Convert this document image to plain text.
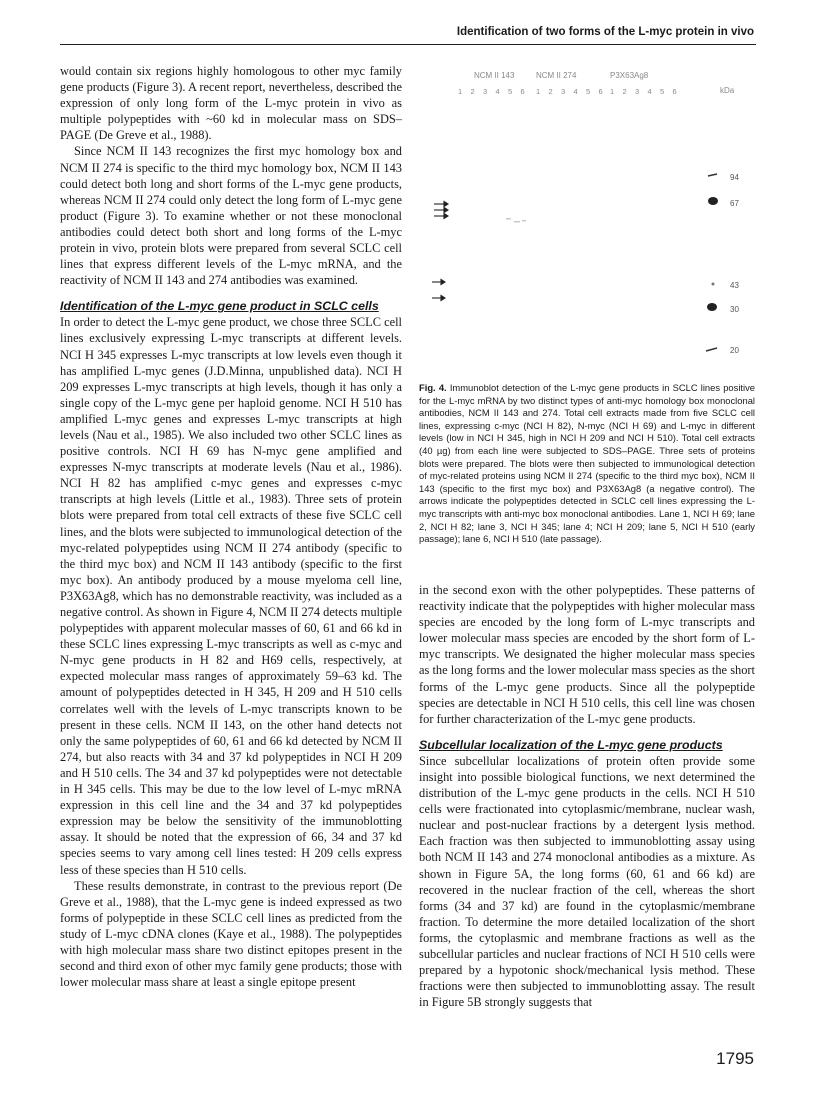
Identification of two forms of the L-myc protein in vivo

would contain six regions highly homologous to other myc family gene products (Figure 3). A recent report, nevertheless, described the expression of only long form of the L-myc protein in vivo as multiple polypeptides with ~60 kd in molecular mass on SDS–PAGE (De Greve et al., 1988).

Since NCM II 143 recognizes the first myc homology box and NCM II 274 is specific to the third myc homology box, NCM II 143 could detect both long and short forms of the L-myc gene products, whereas NCM II 274 could only detect the long form of L-myc gene product (Figure 3). To examine whether or not these monoclonal antibodies could detect both short and long forms of the L-myc protein in vivo, protein blots were prepared from several SCLC cell lines that express different levels of the L-myc mRNA, and the reactivity of NCM II 143 and 274 antibodies was examined.

Identification of the L-myc gene product in SCLC cells

In order to detect the L-myc gene product, we chose three SCLC cell lines exclusively expressing L-myc transcripts at different levels. NCI H 345 expresses L-myc transcripts at low levels even though it has amplified L-myc genes (J.D.Minna, unpublished data). NCI H 209 expresses L-myc transcripts at high levels, though it has only a single copy of the L-myc gene per haploid genome. NCI H 510 has amplified L-myc genes and expresses L-myc transcripts at high levels (Nau et al., 1985). We also included two other SCLC lines as positive controls. NCI H 69 has N-myc gene amplified and expresses N-myc transcripts at moderate levels (Nau et al., 1986). NCI H 82 has amplified c-myc genes and expresses c-myc transcripts at high levels (Little et al., 1983). Three sets of protein blots were prepared from total cell extracts of these five SCLC cell lines, and the blots were subjected to immunological detection of the myc-related polypeptides using NCM II 274 antibody (specific to the third myc box) and NCM II 143 antibody (specific to the first myc box). An antibody produced by a mouse myeloma cell line, P3X63Ag8, which has no demonstrable reactivity, was included as a negative control. As shown in Figure 4, NCM II 274 detects multiple polypeptides with apparent molecular masses of 60, 61 and 66 kd in these SCLC lines expressing L-myc transcripts as well as c-myc and N-myc gene products in H 82 and H69 cells, respectively, at expected molecular mass ranges of approximately 59–63 kd. The amount of polypeptides detected in H 345, H 209 and H 510 cells correlates well with the levels of L-myc transcripts known to be present in these cells. NCM II 143, on the other hand detects not only the same polypeptides of 60, 61 and 66 kd detected by NCM II 274, but also reacts with 34 and 37 kd polypeptides in NCI H 209 and H 510 cells. The 34 and 37 kd polypeptides were not detectable in H 345 cells. This may be due to the low level of L-myc mRNA expression in this cell line and the 34 and 37 kd polypeptides expression may be below the sensitivity of the immunoblotting assay. It should be noted that the expression of 66, 34 and 37 kd species seems to vary among cell lines tested: H 209 cells express less of these species than H 510 cells.

These results demonstrate, in contrast to the previous report (De Greve et al., 1988), that the L-myc gene is indeed expressed as two forms of polypeptide in these SCLC cell lines as predicted from the study of L-myc cDNA clones (Kaye et al., 1988). The polypeptides with high molecular mass share two distinct epitopes present in the second and third exon of other myc family gene products; those with lower molecular mass share at least a single epitope present

NCM II 143	NCM II 274	P3X63Ag8
1 2 3 4 5 6 1 2 3 4 5 6 1 2 3 4 5 6	kDa
94
67
43
30
20
Fig. 4. Immunoblot detection of the L-myc gene products in SCLC lines positive for the L-myc mRNA by two distinct types of anti-myc homology box monoclonal antibodies, NCM II 143 and 274. Total cell extracts made from five SCLC cell lines, expressing c-myc (NCI H 82), N-myc (NCI H 69) and L-myc in different levels (low in NCI H 345, high in NCI H 209 and NCI H 510). Total cell extracts (40 µg) from each line were subjected to SDS–PAGE. Three sets of proteins blots were prepared. The blots were then subjected to immunological detection of myc-related proteins using NCM II 274 (specific to the third myc box), NCM II 143 (specific to the first myc box) and P3X63Ag8 (a negative control). The arrows indicate the polypeptides detected in SCLC cell lines expressing the L-myc transcripts with anti-myc box monoclonal antibodies. Lane 1, NCI H 69; lane 2, NCI H 82; lane 3, NCI H 345; lane 4; NCI H 209; lane 5, NCI H 510 (early passage); lane 6, NCI H 510 (late passage).

in the second exon with the other polypeptides. These patterns of reactivity indicate that the polypeptides with higher molecular mass species are encoded by the long form of L-myc transcripts and lower molecular mass species are encoded by the short form of L-myc transcripts. We designated the higher molecular mass species as the long forms and the lower molecular mass species as the short forms of the L-myc gene products. Since all the polypeptide species are detectable in NCI H 510 cells, this cell line was chosen for further characterization of the L-myc gene products.

Subcellular localization of the L-myc gene products

Since subcellular localizations of protein often provide some insight into possible biological functions, we next determined the distribution of the L-myc gene products in the cells. NCI H 510 cells were fractionated into cytoplasmic/membrane, nuclear wash, nuclear and post-nuclear fractions by a detergent lysis method. Each fraction was then subjected to immunoblotting assay using both NCM II 143 and 274 monoclonal antibodies as a mixture. As shown in Figure 5A, the long forms (60, 61 and 66 kd) are recovered in the nuclear fraction of the cell, whereas the short forms (34 and 37 kd) are found in the cytoplasmic/membrane fraction. To determine the more detailed localization of the short forms, the cytoplasmic and membrane fractions as well as the subcellular particles and nuclear fractions of NCI H 510 cells were prepared by a hypotonic shock/mechanical lysis method. These fractions were then subjected to immunoblotting assay. The result in Figure 5B strongly suggests that

1795
